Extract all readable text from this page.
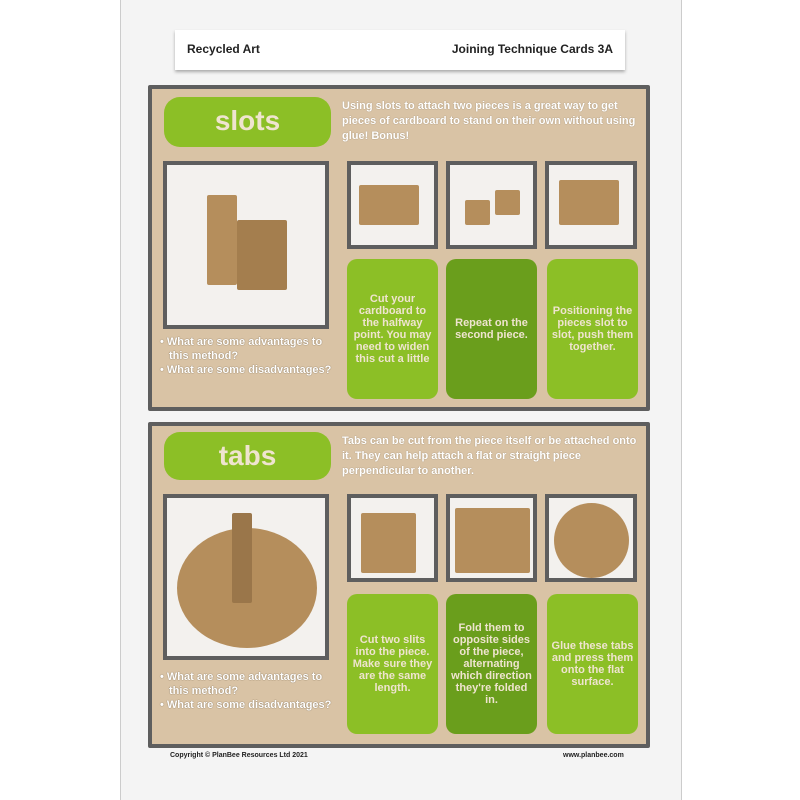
Recycled Art	Joining Technique Cards 3A
slots	Using slots to attach two pieces is a great way to get pieces of cardboard to stand on their own without using glue! Bonus!
Cut your cardboard to the halfway point. You may need to widen this cut a little
Repeat on the second piece.
Positioning the pieces slot to slot, push them together.
• What are some advantages to this method?
• What are some disadvantages?
tabs	Tabs can be cut from the piece itself or be attached onto it. They can help attach a flat or straight piece perpendicular to another.
Cut two slits into the piece. Make sure they are the same length.
Fold them to opposite sides of the piece, alternating which direction they're folded in.
Glue these tabs and press them onto the flat surface.
• What are some advantages to this method?
• What are some disadvantages?
Copyright © PlanBee Resources Ltd 2021	www.planbee.com
